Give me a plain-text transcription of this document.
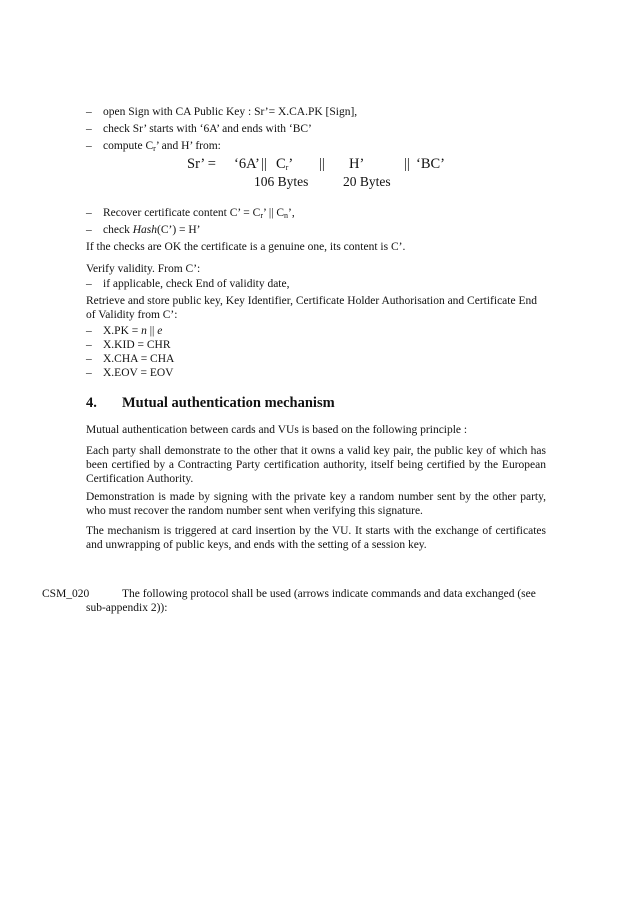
– open Sign with CA Public Key : Sr’= X.CA.PK [Sign],
– check Sr’ starts with ‘6A’ and ends with ‘BC’
– compute $C_r$’ and H’ from:
Sr’ = ‘6A’ || $C_r$’ || H’	|| ‘BC’
106 Bytes	20 Bytes
– Recover certificate content C’ = $C_r$’ || $C_n$’,
– check Hash(C’) = H’

If the checks are OK the certificate is a genuine one, its content is C’.

Verify validity. From C’:

– if applicable, check End of validity date,

Retrieve and store public key, Key Identifier, Certificate Holder Authorisation and Certificate End of Validity from C’:

– X.PK = n || e
– X.KID = CHR
– X.CHA = CHA
– X.EOV = EOV
4. Mutual authentication mechanism

Mutual authentication between cards and VUs is based on the following principle :

Each party shall demonstrate to the other that it owns a valid key pair, the public key of which has been certified by a Contracting Party certification authority, itself being certified by the European Certification Authority.

Demonstration is made by signing with the private key a random number sent by the other party, who must recover the random number sent when verifying this signature.

The mechanism is triggered at card insertion by the VU. It starts with the exchange of certificates and unwrapping of public keys, and ends with the setting of a session key.

CSM_020	The following protocol shall be used (arrows indicate commands and data exchanged (see sub-appendix 2)):
